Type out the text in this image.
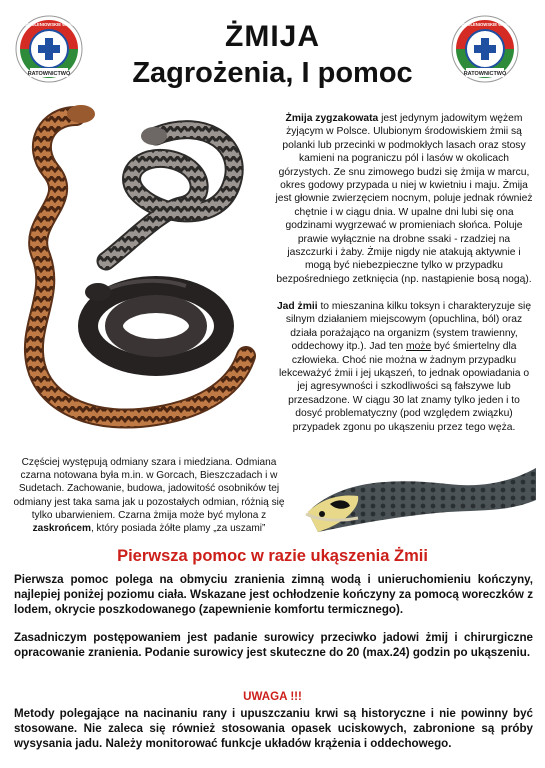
RATOWNICTWO
SZKOLENIOWSKIE WOPR
RATOWNICTWO
SZKOLENIOWSKIE WOPR
ŻMIJA
Zagrożenia, I pomoc

Żmija zygzakowata jest jedynym jadowitym wężem żyjącym w Polsce. Ulubionym środowiskiem żmii są polanki lub przecinki w podmokłych lasach oraz stosy kamieni na pograniczu pól i lasów w okolicach górzystych. Ze snu zimowego budzi się żmija w marcu, okres godowy przypada u niej w kwietniu i maju. Żmija jest głownie zwierzęciem nocnym, poluje jednak również chętnie i w ciągu dnia. W upalne dni lubi się ona godzinami wygrzewać w promieniach słońca. Poluje prawie wyłącznie na drobne ssaki - rzadziej na jaszczurki i żaby. Żmije nigdy nie atakują aktywnie i mogą być niebezpieczne tylko w przypadku bezpośredniego zetknięcia (np. nastąpienie bosą nogą).

Jad żmii to mieszanina kilku toksyn i charakteryzuje się silnym działaniem miejscowym (opuchlina, ból) oraz działa porażająco na organizm (system trawienny, oddechowy itp.). Jad ten może być śmiertelny dla człowieka. Choć nie można w żadnym przypadku lekceważyć żmii i jej ukąszeń, to jednak opowiadania o jej agresywności i szkodliwości są fałszywe lub przesadzone. W ciągu 30 lat znamy tylko jeden i to dosyć problematyczny (pod względem związku) przypadek zgonu po ukąszeniu przez tego węża.

Częściej występują odmiany szara i miedziana. Odmiana czarna notowana była m.in. w Gorcach, Bieszczadach i w Sudetach. Zachowanie, budowa, jadowitość osobników tej odmiany jest taka sama jak u pozostałych odmian, różnią się tylko ubarwieniem. Czarna żmija może być mylona z zaskrońcem, który posiada żółte plamy „za uszami”

Pierwsza pomoc w razie ukąszenia Żmii

Pierwsza pomoc polega na obmyciu zranienia zimną wodą i unieruchomieniu kończyny, najlepiej poniżej poziomu ciała. Wskazane jest ochłodzenie kończyny za pomocą woreczków z lodem, okrycie poszkodowanego (zapewnienie komfortu termicznego).

Zasadniczym postępowaniem jest padanie surowicy przeciwko jadowi żmij i chirurgiczne opracowanie zranienia. Podanie surowicy jest skuteczne do 20 (max.24) godzin po ukąszeniu.

UWAGA !!!

Metody polegające na nacinaniu rany i upuszczaniu krwi są historyczne i nie powinny być stosowane. Nie zaleca się również stosowania opasek uciskowych, zabronione są próby wysysania jadu. Należy monitorować funkcje układów krążenia i oddechowego.
